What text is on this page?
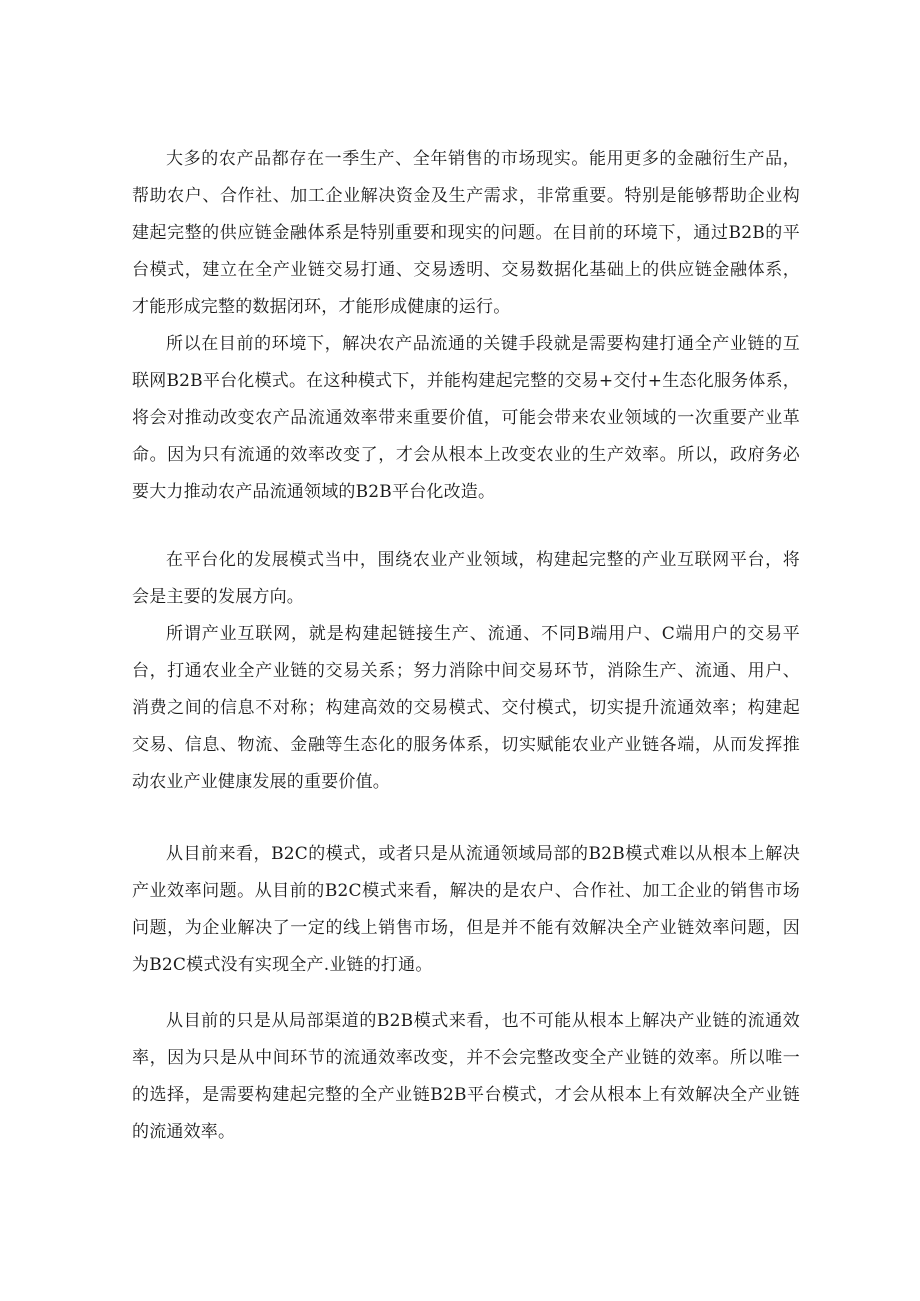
大多的农产品都存在一季生产、全年销售的市场现实。能用更多的金融衍生产品，帮助农户、合作社、加工企业解决资金及生产需求，非常重要。特别是能够帮助企业构建起完整的供应链金融体系是特别重要和现实的问题。在目前的环境下，通过B2B的平台模式，建立在全产业链交易打通、交易透明、交易数据化基础上的供应链金融体系，才能形成完整的数据闭环，才能形成健康的运行。

所以在目前的环境下，解决农产品流通的关键手段就是需要构建打通全产业链的互联网B2B平台化模式。在这种模式下，并能构建起完整的交易+交付+生态化服务体系，将会对推动改变农产品流通效率带来重要价值，可能会带来农业领域的一次重要产业革命。因为只有流通的效率改变了，才会从根本上改变农业的生产效率。所以，政府务必要大力推动农产品流通领域的B2B平台化改造。

在平台化的发展模式当中，围绕农业产业领域，构建起完整的产业互联网平台，将会是主要的发展方向。

所谓产业互联网，就是构建起链接生产、流通、不同B端用户、C端用户的交易平台，打通农业全产业链的交易关系；努力消除中间交易环节，消除生产、流通、用户、消费之间的信息不对称；构建高效的交易模式、交付模式，切实提升流通效率；构建起交易、信息、物流、金融等生态化的服务体系，切实赋能农业产业链各端，从而发挥推动农业产业健康发展的重要价值。

从目前来看，B2C的模式，或者只是从流通领域局部的B2B模式难以从根本上解决产业效率问题。从目前的B2C模式来看，解决的是农户、合作社、加工企业的销售市场问题，为企业解决了一定的线上销售市场，但是并不能有效解决全产业链效率问题，因为B2C模式没有实现全产.业链的打通。

从目前的只是从局部渠道的B2B模式来看，也不可能从根本上解决产业链的流通效率，因为只是从中间环节的流通效率改变，并不会完整改变全产业链的效率。所以唯一的选择，是需要构建起完整的全产业链B2B平台模式，才会从根本上有效解决全产业链的流通效率。
